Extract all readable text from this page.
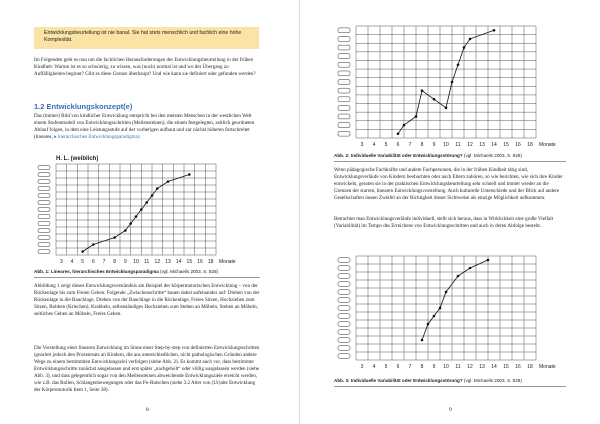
Entwicklungsbeurteilung ist nie banal. Sie hat stets menschlich und fachlich eine hohe Komplexität.

Im Folgenden geht es nun um die fachlichen Herausforderungen der Entwicklungsbeurteilung in der frühen Kindheit: Warum ist es so schwierig, zu wissen, was (noch) normal ist und wo der Übergang zu Auffälligkeiten beginnt? Gibt es diese Grenze überhaupt? Und wie kann sie definiert oder gefunden werden?

1.2 Entwicklungskonzept(e)

Das (immer) Bild von kindlicher Entwicklung entspricht bei den meisten Menschen in der westlichen Welt einem Stufenmodell von Entwicklungsschritten (Meilensteinen), die einem festgelegten, zeitlich geordneten Ablauf folgen, in dem eine Leistungsstufe auf der vorherigen aufbaut und zur nächst höheren fortschreitet (lineares, ▸ hierarchisches Entwicklungsparadigma).

H. L. (weiblich)
3 4 5 6 7 8 9 10 11 12 13 14 15 16 18 Monate
Abb. 1: Lineares, hierarchisches Entwicklungsparadigma (vgl. Michaelis 2003, S. 828)

Abbildung 1 zeigt dieses Entwicklungsverständnis am Beispiel der körpermotorischen Entwicklung – von der Rückenlage bis zum Freien Gehen. Folgende „Zwischenschritte“ bauen dabei aufeinander auf: Drehen von der Rückenlage in die Bauchlage, Drehen von der Bauchlage in die Rückenlage, Freies Sitzen, Hochziehen zum Sitzen, Robben (Kriechen), Krabbeln, selbstständiges Hochziehen zum Stehen an Möbeln, Stehen an Möbeln, seitliches Gehen an Möbeln, Freies Gehen.

Die Vorstellung einer linearen Entwicklung im Sinne einer Step-by-step von definierten Entwicklungsschritten ignoriert jedoch den Prozentsatz an Kindern, die aus unterschiedlichen, nicht pathologischen Gründen andere Wege zu einem bestimmten Entwicklungsziel verfolgen (siehe Abb. 2). Es kommt auch vor, dass bestimmte Entwicklungsschritte zunächst ausgelassen und erst später „nachgeholt“ oder völlig ausgelassen werden (siehe Abb. 3), und dass gelegentlich sogar von den Meilensteinen abweichende Entwicklungsziele erreicht werden, wie z.B. das Rollen, Schlangenbewegungen oder das Po-Rutschen (siehe 3.2 Alter von (Ur)alte Entwicklung der Körpermotorik Item 1, Seite 38).

8
3 4 5 6 7 8 9 10 11 12 13 14 15 16 18 Monate
Abb. 2: Individuelle Variabilität oder Entwicklungsstörung? (vgl. Michaelis 2003, S. 829)

Wenn pädagogische Fachkräfte und andere Fachpersonen, die in der frühen Kindheit tätig sind, Entwicklungsverläufe von Kindern beobachten oder auch Eltern zuhören, so wie berichten, wie sich ihre Kinder entwickeln, geraten sie in der praktischen Entwicklungsbeurteilung sehr schnell und immer wieder an die Grenzen der starren, linearen Entwicklungsvorstellung. Auch kulturelle Unterschiede und der Blick auf andere Gesellschaften lassen Zweifel an der Richtigkeit dieser Sichtweise als einzige Möglichkeit aufkommen.

Betrachtet man Entwicklungsverläufe individuell, stellt sich heraus, dass in Wirklichkeit eine große Vielfalt (Variabilität) im Tempo des Erreichens von Entwicklungsschritten und auch in deren Abfolge besteht.

3 4 5 6 7 8 9 10 11 12 13 14 15 16 18 Monate
Abb. 3: Individuelle Variabilität oder Entwicklungsstörung? (vgl. Michaelis 2003, S. 828)
9
